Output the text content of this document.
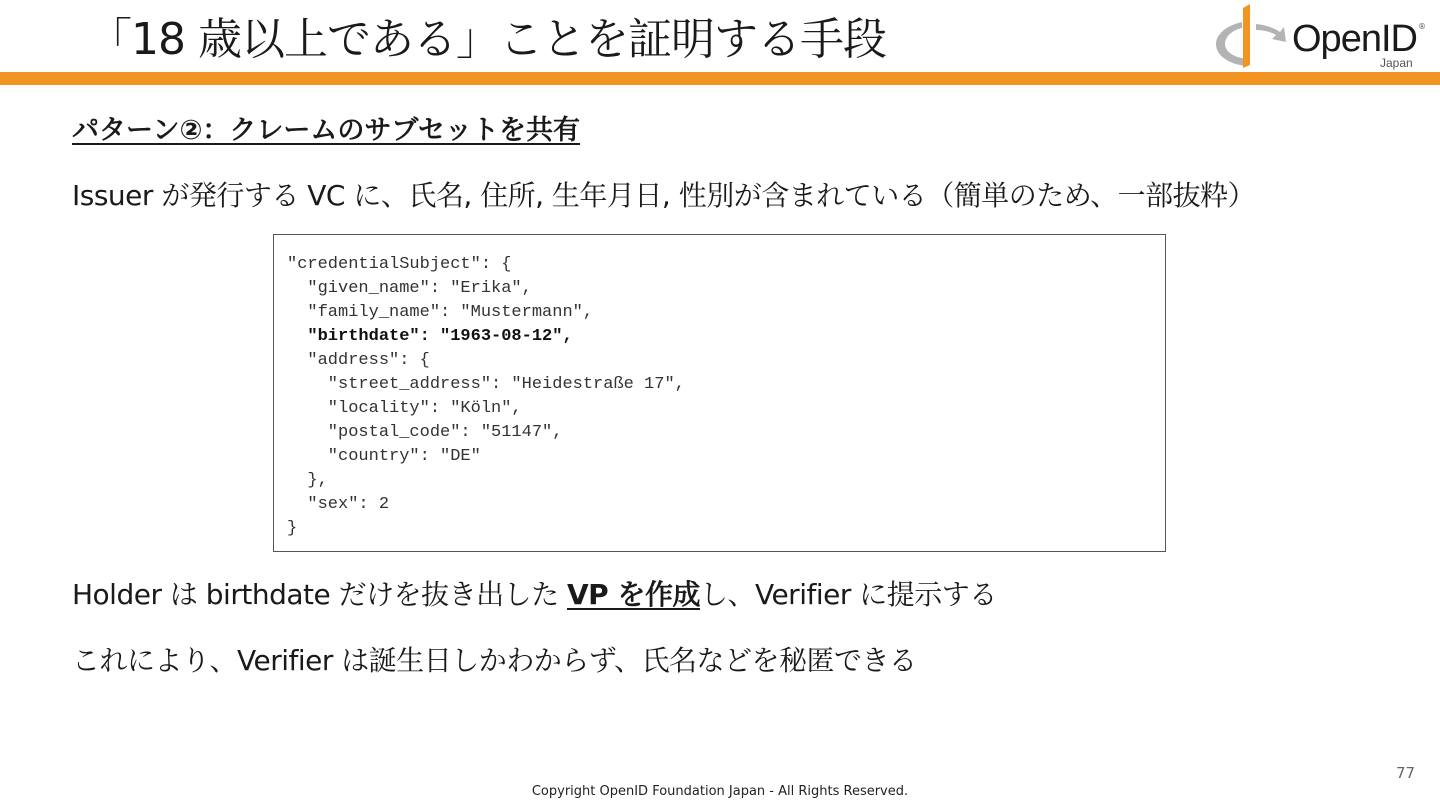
「18 歳以上である」ことを証明する手段	OpenID ®
Japan
パターン②：クレームのサブセットを共有
Issuer が発行する VC に、氏名, 住所, 生年月日, 性別が含まれている（簡単のため、一部抜粋）
"credentialSubject": {
"given_name": "Erika",
"family_name": "Mustermann",
"birthdate": "1963-08-12",
"address": {
"street_address": "Heidestraße 17",
"locality": "Köln",
"postal_code": "51147",
"country": "DE"
},
"sex": 2
}
Holder は birthdate だけを抜き出した VP を作成し、Verifier に提示する
これにより、Verifier は誕生日しかわからず、氏名などを秘匿できる
77
Copyright OpenID Foundation Japan - All Rights Reserved.
